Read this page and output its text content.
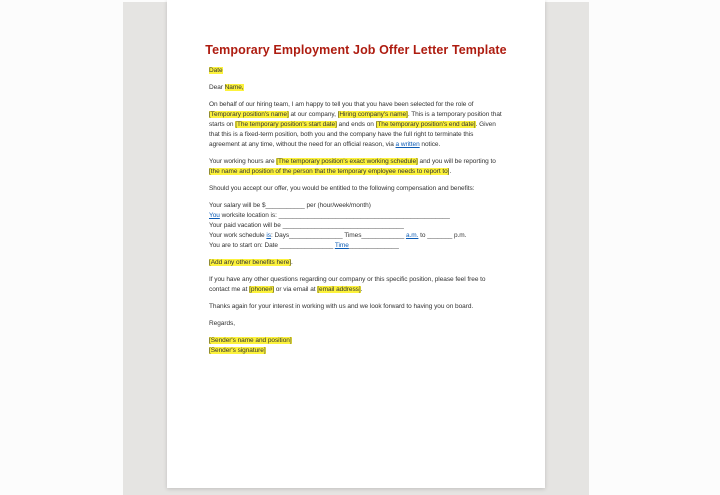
Temporary Employment Job Offer Letter Template
Date
Dear Name,
On behalf of our hiring team, I am happy to tell you that you have been selected for the role of
[Temporary position's name] at our company, [Hiring company's name]. This is a temporary position that
starts on [The temporary position's start date] and ends on [The temporary position's end date]. Given
that this is a fixed-term position, both you and the company have the full right to terminate this
agreement at any time, without the need for an official reason, via a written notice.
Your working hours are [The temporary position's exact working schedule] and you will be reporting to
[the name and position of the person that the temporary employee needs to report to].
Should you accept our offer, you would be entitled to the following compensation and benefits:
Your salary will be $___________ per (hour/week/month)
You worksite location is: ________________________________________________
Your paid vacation will be __________________________________
Your work schedule is: Days_______________ Times____________ a.m. to _______ p.m.
You are to start on: Date _______________ Time______________
[Add any other benefits here].
If you have any other questions regarding our company or this specific position, please feel free to
contact me at [phone#] or via email at [email address].
Thanks again for your interest in working with us and we look forward to having you on board.
Regards,
[Sender's name and position]
[Sender's signature]
